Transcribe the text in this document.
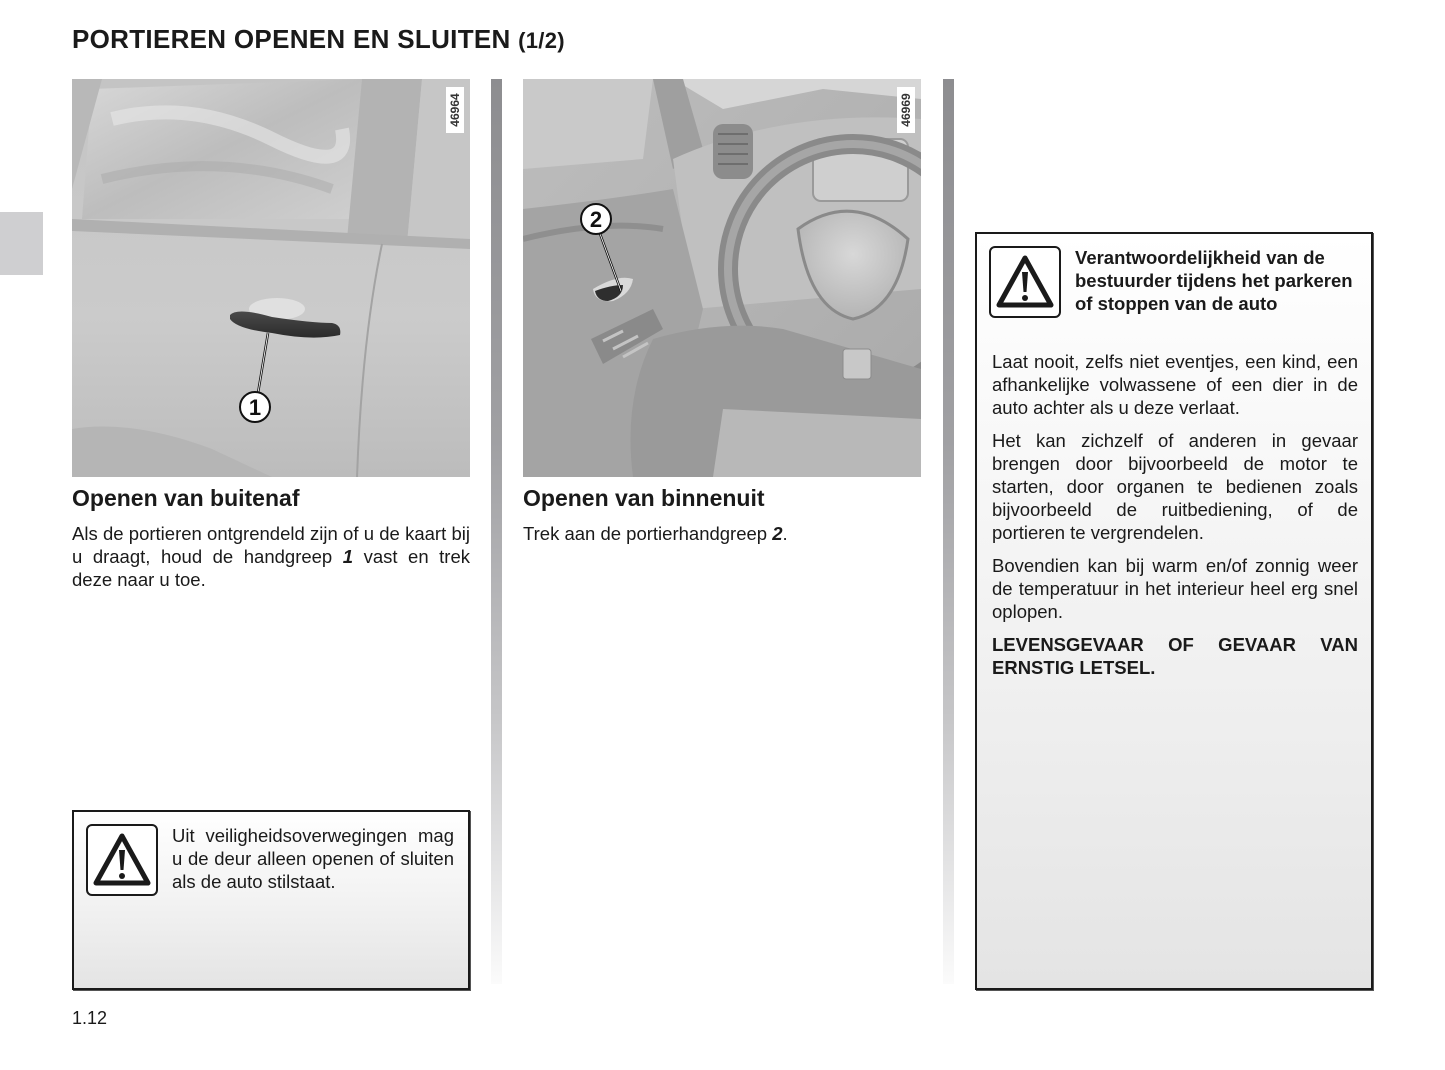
PORTIEREN OPENEN EN SLUITEN (1/2)
1
46964
2
46969
Openen van buitenaf
Als de portieren ontgrendeld zijn of u de kaart bij u draagt, houd de handgreep 1 vast en trek deze naar u toe.
Openen van binnenuit
Trek aan de portierhandgreep 2.
Uit veiligheidsoverwegingen mag u de deur alleen openen of sluiten als de auto stilstaat.
Verantwoordelijkheid van de bestuurder tijdens het parkeren of stoppen van de auto

Laat nooit, zelfs niet eventjes, een kind, een afhankelijke volwassene of een dier in de auto achter als u deze verlaat.

Het kan zichzelf of anderen in gevaar brengen door bijvoorbeeld de motor te starten, door organen te bedienen zoals bijvoorbeeld de ruitbediening, of de portieren te vergrendelen.

Bovendien kan bij warm en/of zonnig weer de temperatuur in het interieur heel erg snel oplopen.

LEVENSGEVAAR OF GEVAAR VAN ERNSTIG LETSEL.

1.12
